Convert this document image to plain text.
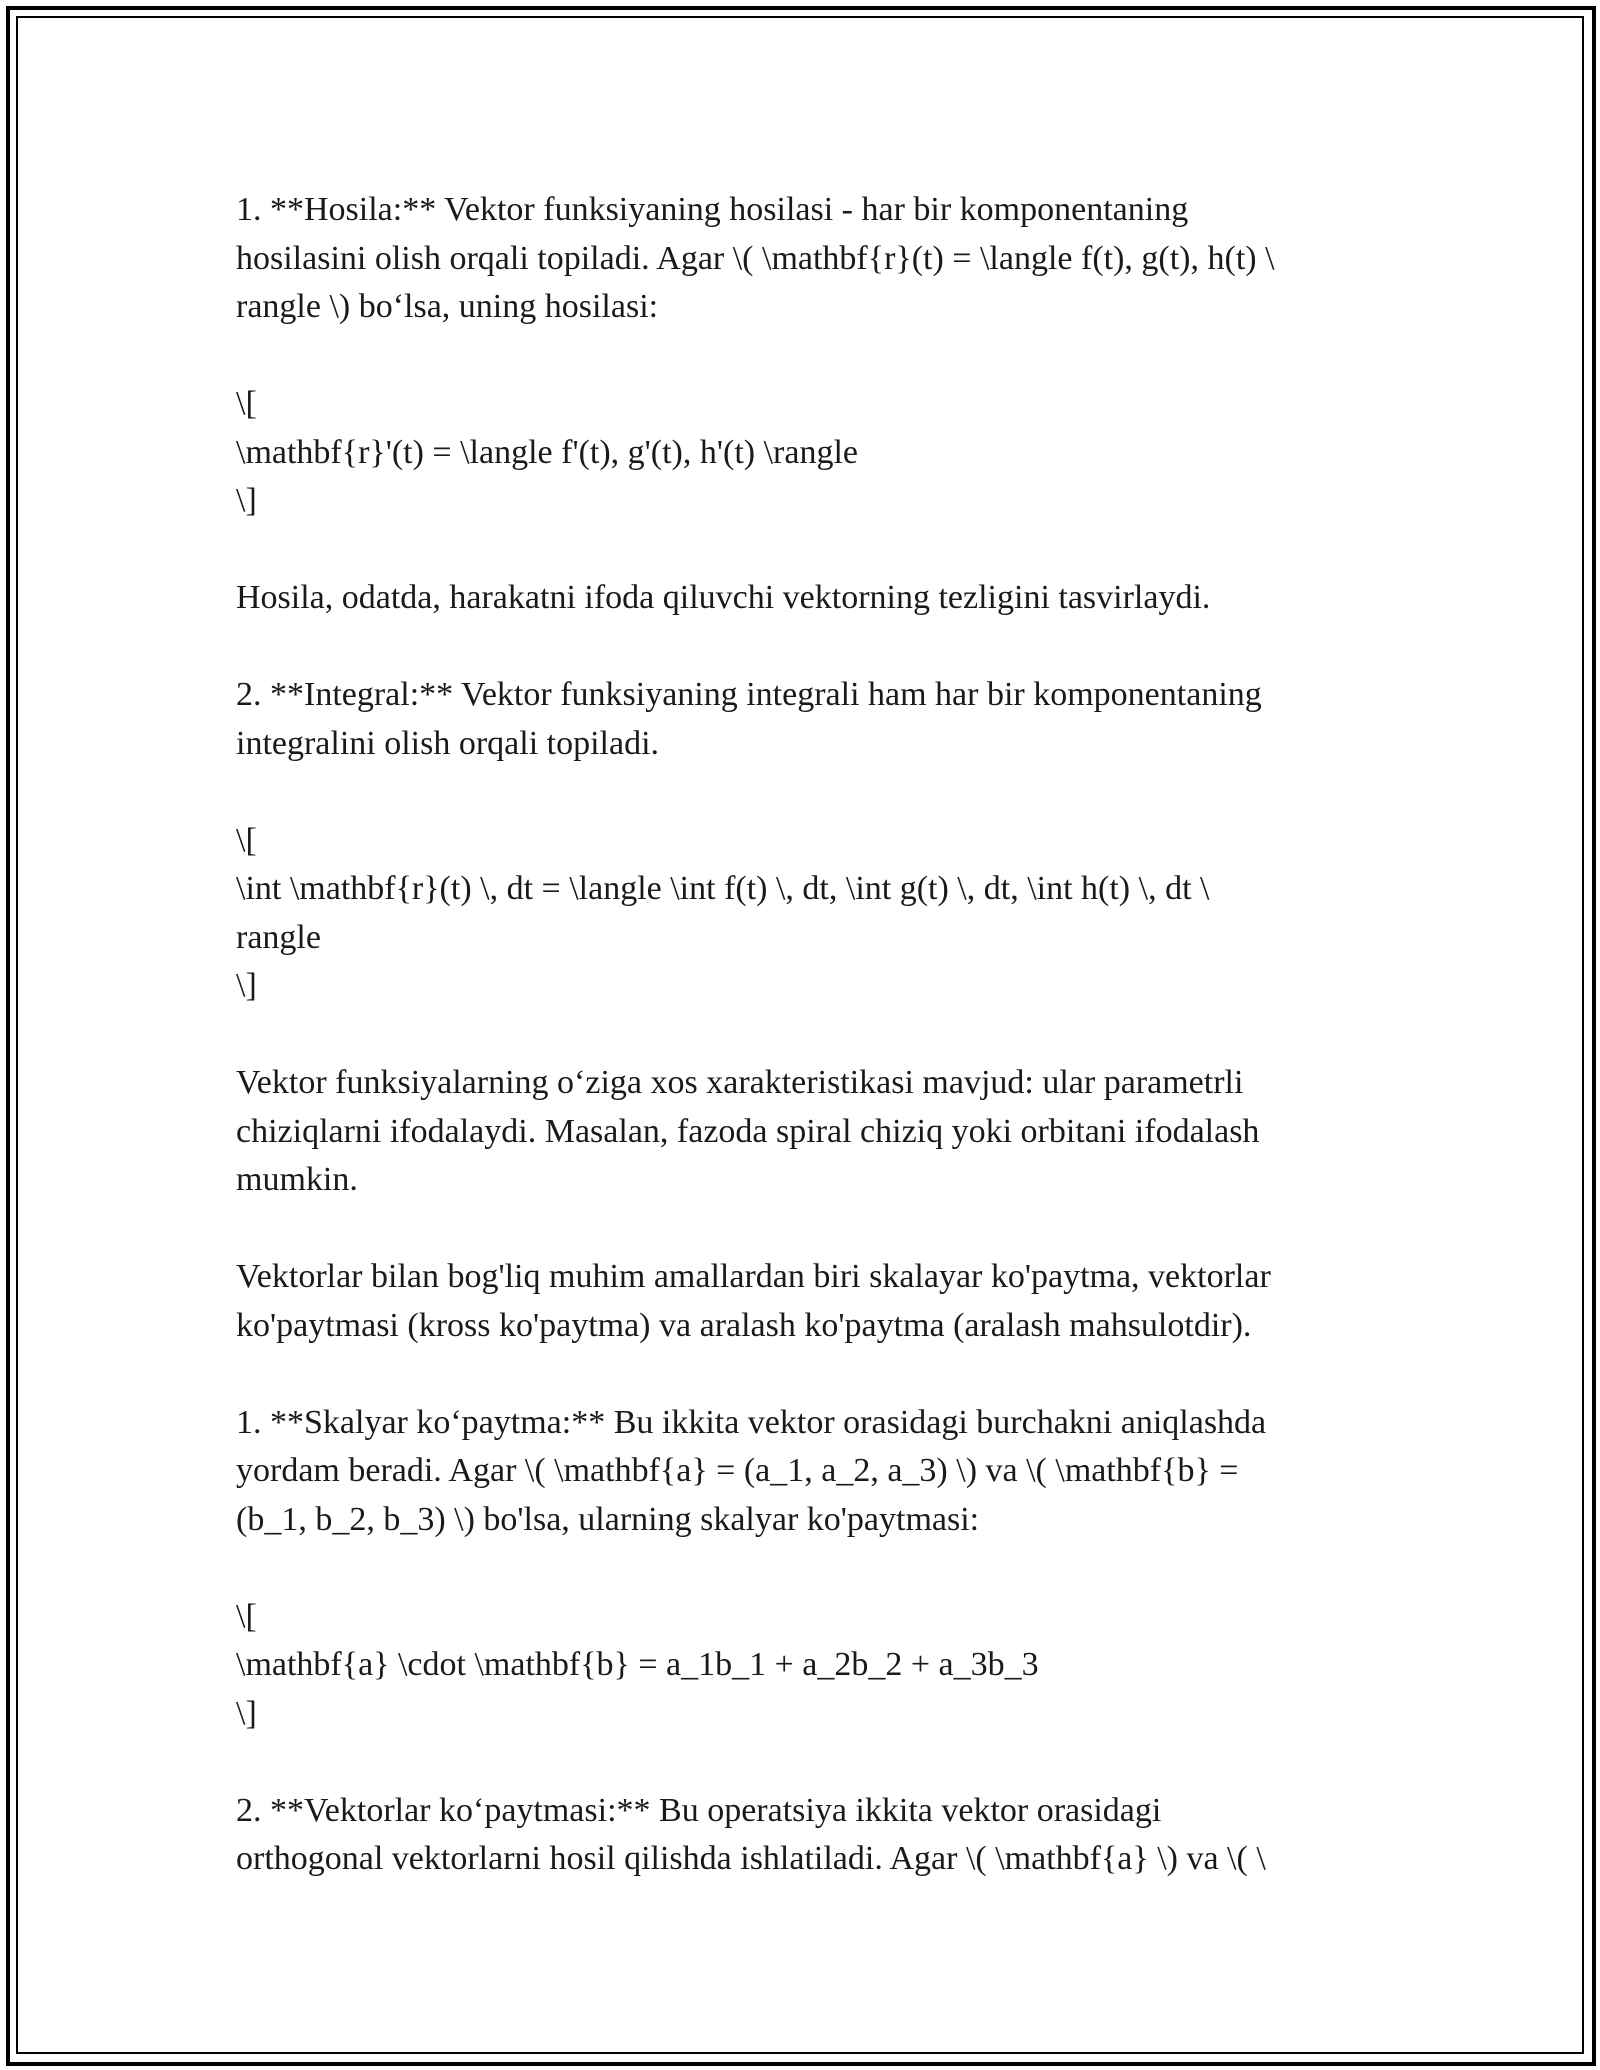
1. **Hosila:** Vektor funksiyaning hosilasi - har bir komponentaning
hosilasini olish orqali topiladi. Agar \( \mathbf{r}(t) = \langle f(t), g(t), h(t) \
rangle \) bo‘lsa, uning hosilasi:

\[
\mathbf{r}'(t) = \langle f'(t), g'(t), h'(t) \rangle
\]

Hosila, odatda, harakatni ifoda qiluvchi vektorning tezligini tasvirlaydi.

2. **Integral:** Vektor funksiyaning integrali ham har bir komponentaning
integralini olish orqali topiladi.

\[
\int \mathbf{r}(t) \, dt = \langle \int f(t) \, dt, \int g(t) \, dt, \int h(t) \, dt \
rangle
\]

Vektor funksiyalarning o‘ziga xos xarakteristikasi mavjud: ular parametrli
chiziqlarni ifodalaydi. Masalan, fazoda spiral chiziq yoki orbitani ifodalash
mumkin.

Vektorlar bilan bog'liq muhim amallardan biri skalayar ko'paytma, vektorlar
ko'paytmasi (kross ko'paytma) va aralash ko'paytma (aralash mahsulotdir).

1. **Skalyar ko‘paytma:** Bu ikkita vektor orasidagi burchakni aniqlashda
yordam beradi. Agar \( \mathbf{a} = (a_1, a_2, a_3) \) va \( \mathbf{b} =
(b_1, b_2, b_3) \) bo'lsa, ularning skalyar ko'paytmasi:

\[
\mathbf{a} \cdot \mathbf{b} = a_1b_1 + a_2b_2 + a_3b_3
\]

2. **Vektorlar ko‘paytmasi:** Bu operatsiya ikkita vektor orasidagi
orthogonal vektorlarni hosil qilishda ishlatiladi. Agar \( \mathbf{a} \) va \( \
